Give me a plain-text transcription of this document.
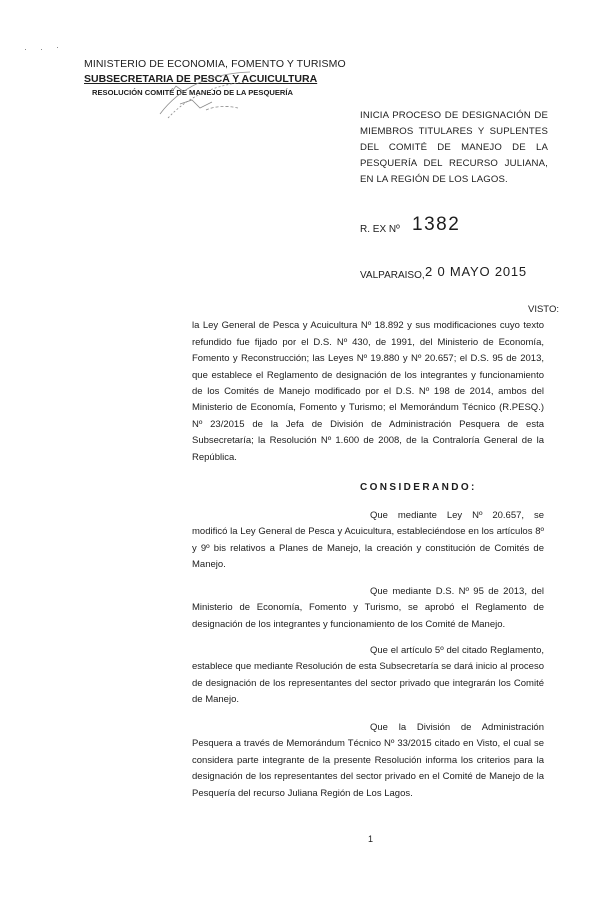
· · ·
MINISTERIO DE ECONOMIA, FOMENTO Y TURISMO
SUBSECRETARIA DE PESCA Y ACUICULTURA
RESOLUCIÓN COMITÉ DE MANEJO DE LA PESQUERÍA
INICIA PROCESO DE DESIGNACIÓN DE MIEMBROS TITULARES Y SUPLENTES DEL COMITÉ DE MANEJO DE LA PESQUERÍA DEL RECURSO JULIANA, EN LA REGIÓN DE LOS LAGOS.
R. EX Nº 1382
VALPARAISO, 2 0 MAYO 2015

VISTO: la Ley General de Pesca y Acuicultura Nº 18.892 y sus modificaciones cuyo texto refundido fue fijado por el D.S. Nº 430, de 1991, del Ministerio de Economía, Fomento y Reconstrucción; las Leyes Nº 19.880 y Nº 20.657; el D.S. 95 de 2013, que establece el Reglamento de designación de los integrantes y funcionamiento de los Comités de Manejo modificado por el D.S. Nº 198 de 2014, ambos del Ministerio de Economía, Fomento y Turismo; el Memorándum Técnico (R.PESQ.) Nº 23/2015 de la Jefa de División de Administración Pesquera de esta Subsecretaría; la Resolución Nº 1.600 de 2008, de la Contraloría General de la República.

CONSIDERANDO:

Que mediante Ley Nº 20.657, se modificó la Ley General de Pesca y Acuicultura, estableciéndose en los artículos 8º y 9º bis relativos a Planes de Manejo, la creación y constitución de Comités de Manejo.

Que mediante D.S. Nº 95 de 2013, del Ministerio de Economía, Fomento y Turismo, se aprobó el Reglamento de designación de los integrantes y funcionamiento de los Comité de Manejo.

Que el artículo 5º del citado Reglamento, establece que mediante Resolución de esta Subsecretaría se dará inicio al proceso de designación de los representantes del sector privado que integrarán los Comité de Manejo.

Que la División de Administración Pesquera a través de Memorándum Técnico Nº 33/2015 citado en Visto, el cual se considera parte integrante de la presente Resolución informa los criterios para la designación de los representantes del sector privado en el Comité de Manejo de la Pesquería del recurso Juliana Región de Los Lagos.

1
